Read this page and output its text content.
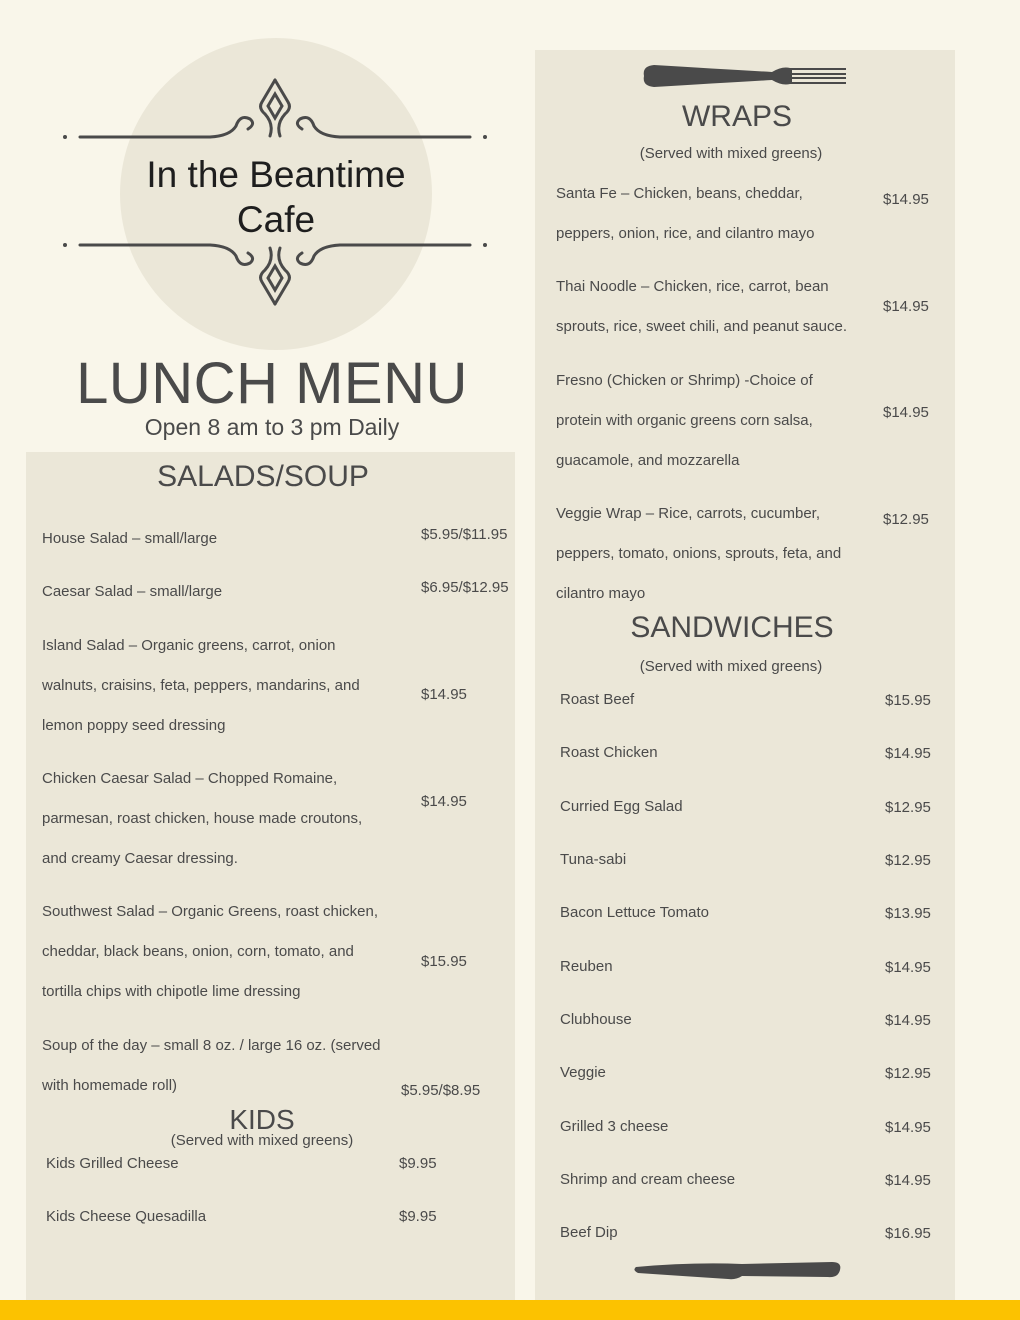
In the Beantime
Cafe
LUNCH MENU
Open 8 am to 3 pm Daily
SALADS/SOUP
House Salad – small/large	$5.95/$11.95
Caesar Salad – small/large	$6.95/$12.95
Island Salad – Organic greens, carrot, onion
walnuts, craisins, feta, peppers, mandarins, and
lemon poppy seed dressing
$14.95
Chicken Caesar Salad – Chopped Romaine,
parmesan, roast chicken, house made croutons,
and creamy Caesar dressing.
$14.95
Southwest Salad – Organic Greens, roast chicken,
cheddar, black beans, onion, corn, tomato, and
tortilla chips with chipotle lime dressing
$15.95
Soup of the day – small 8 oz. / large 16 oz. (served
with homemade roll)	$5.95/$8.95
KIDS
(Served with mixed greens)
Kids Grilled Cheese	$9.95
Kids Cheese Quesadilla	$9.95
WRAPS
(Served with mixed greens)
Santa Fe – Chicken, beans, cheddar,
peppers, onion, rice, and cilantro mayo
$14.95
Thai Noodle – Chicken, rice, carrot, bean
sprouts, rice, sweet chili, and peanut sauce.
$14.95
Fresno (Chicken or Shrimp) -Choice of
protein with organic greens corn salsa,
guacamole, and mozzarella
$14.95
Veggie Wrap – Rice, carrots, cucumber,
peppers, tomato, onions, sprouts, feta, and
cilantro mayo
$12.95
SANDWICHES
(Served with mixed greens)
Roast Beef	$15.95
Roast Chicken	$14.95
Curried Egg Salad	$12.95
Tuna-sabi	$12.95
Bacon Lettuce Tomato	$13.95
Reuben	$14.95
Clubhouse	$14.95
Veggie	$12.95
Grilled 3 cheese	$14.95
Shrimp and cream cheese	$14.95
Beef Dip	$16.95
